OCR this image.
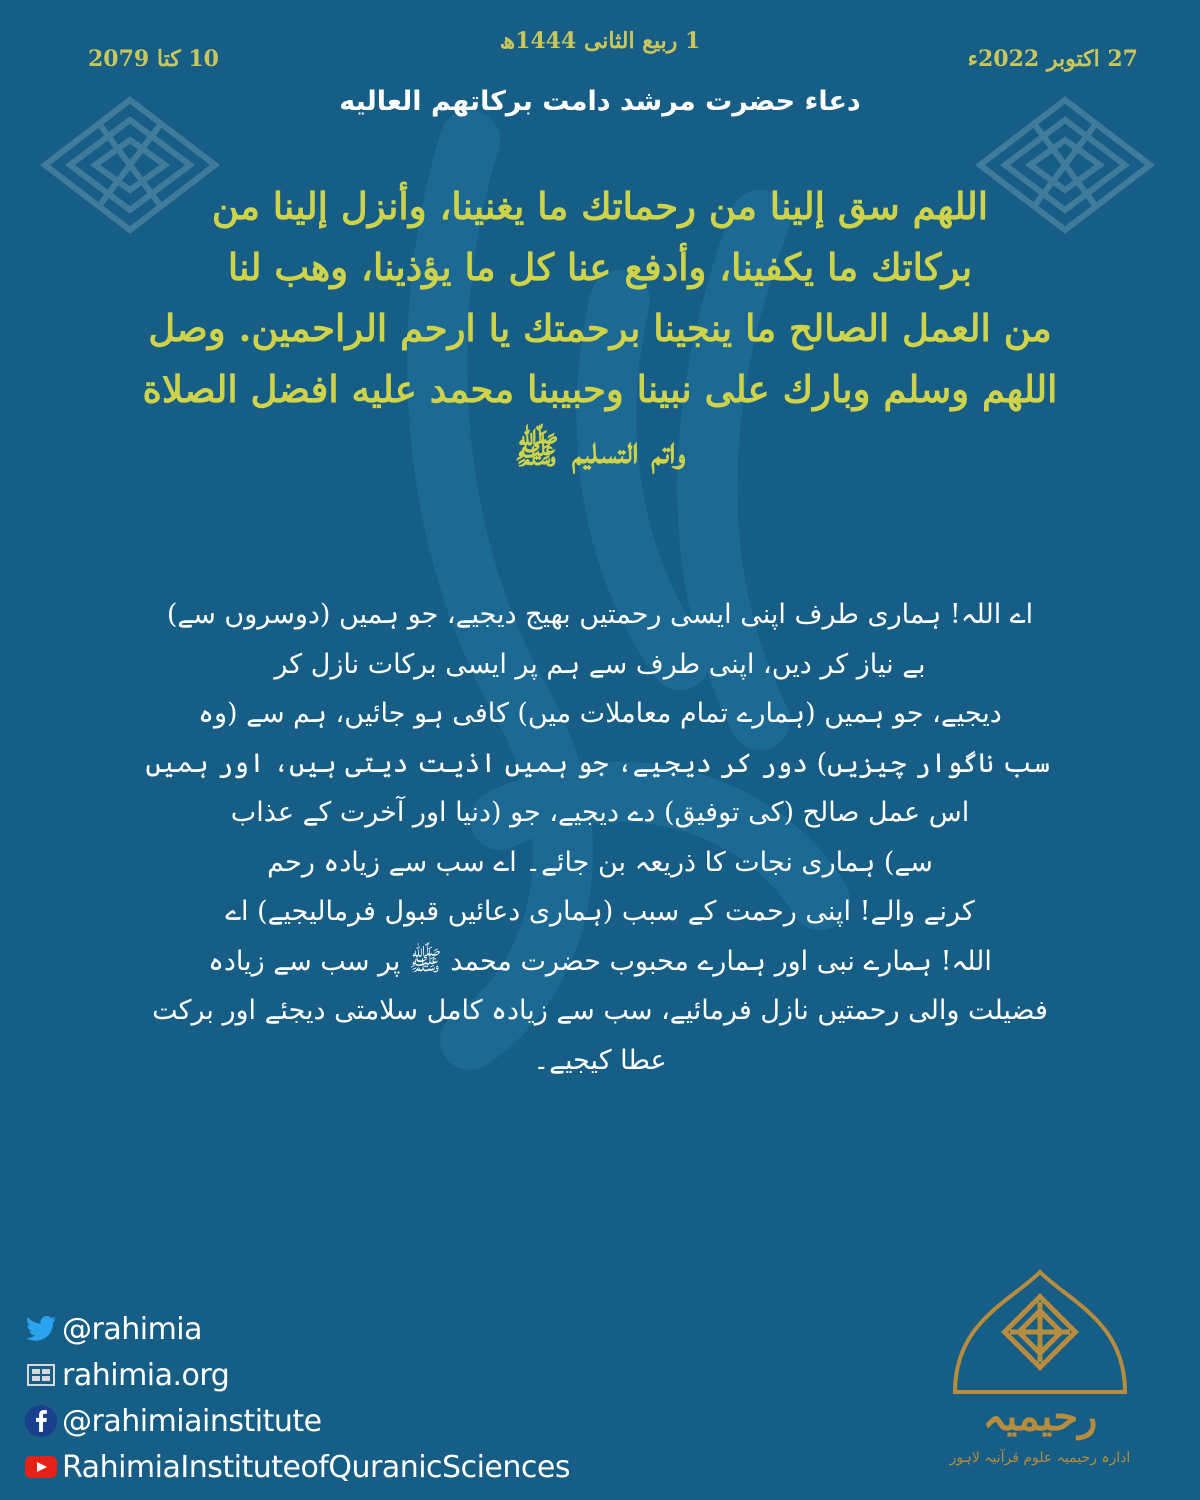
1 ربیع الثانی 1444ھ
27 اکتوبر 2022ء
10 کتا 2079
دعاء حضرت مرشد دامت برکاتهم العالیه
اللهم سق إلينا من رحماتك ما يغنينا، وأنزل إلينا من
بركاتك ما يكفينا، وأدفع عنا كل ما يؤذينا، وهب لنا
من العمل الصالح ما ينجينا برحمتك يا ارحم الراحمين. وصل
اللهم وسلم وبارك على نبينا وحبيبنا محمد عليه افضل الصلاة
واتم التسليم ﷺ
اے اللہ! ہماری طرف اپنی ایسی رحمتیں بھیج دیجیے، جو ہمیں (دوسروں سے)
بے نیاز کر دیں، اپنی طرف سے ہم پر ایسی برکات نازل کر
دیجیے، جو ہمیں (ہمارے تمام معاملات میں) کافی ہو جائیں، ہم سے (وہ
سب ناگوار چیزیں) دور کر دیجیے، جو ہمیں اذیت دیتی ہیں، اور ہمیں
اس عمل صالح (کی توفیق) دے دیجیے، جو (دنیا اور آخرت کے عذاب
سے) ہماری نجات کا ذریعہ بن جائے۔ اے سب سے زیادہ رحم
کرنے والے! اپنی رحمت کے سبب (ہماری دعائیں قبول فرمالیجیے) اے
اللہ! ہمارے نبی اور ہمارے محبوب حضرت محمد ﷺ پر سب سے زیادہ
فضیلت والی رحمتیں نازل فرمائیے، سب سے زیادہ کامل سلامتی دیجئے اور برکت
عطا کیجیے۔
@rahimia
rahimia.org
@rahimiainstitute
RahimiaInstituteofQuranicSciences
رحیمیہ
ادارہ رحیمیہ علوم قرآنیہ لاہور
